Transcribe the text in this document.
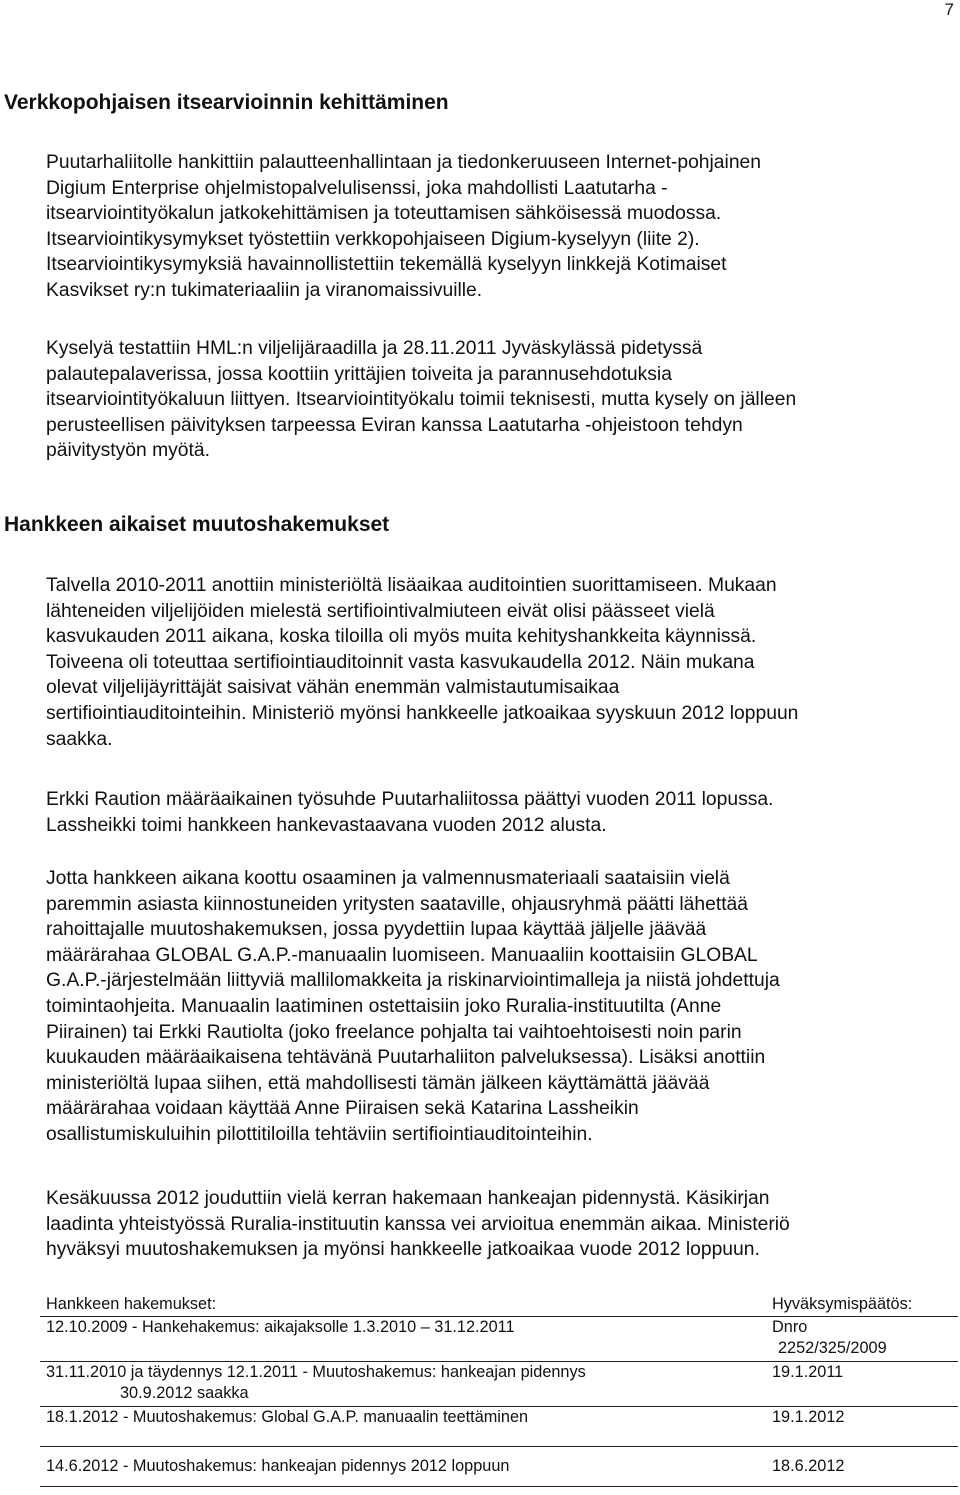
7
Verkkopohjaisen itsearvioinnin kehittäminen

Puutarhaliitolle hankittiin palautteenhallintaan ja tiedonkeruuseen Internet-pohjainen
Digium Enterprise ohjelmistopalvelulisenssi, joka mahdollisti Laatutarha -
itsearviointityökalun jatkokehittämisen ja toteuttamisen sähköisessä muodossa.
Itsearviointikysymykset työstettiin verkkopohjaiseen Digium-kyselyyn (liite 2).
Itsearviointikysymyksiä havainnollistettiin tekemällä kyselyyn linkkejä Kotimaiset
Kasvikset ry:n tukimateriaaliin ja viranomaissivuille.

Kyselyä testattiin HML:n viljelijäraadilla ja 28.11.2011 Jyväskylässä pidetyssä
palautepalaverissa, jossa koottiin yrittäjien toiveita ja parannusehdotuksia
itsearviointityökaluun liittyen. Itsearviointityökalu toimii teknisesti, mutta kysely on jälleen
perusteellisen päivityksen tarpeessa Eviran kanssa Laatutarha -ohjeistoon tehdyn
päivitystyön myötä.

Hankkeen aikaiset muutoshakemukset

Talvella 2010-2011 anottiin ministeriöltä lisäaikaa auditointien suorittamiseen. Mukaan
lähteneiden viljelijöiden mielestä sertifiointivalmiuteen eivät olisi päässeet vielä
kasvukauden 2011 aikana, koska tiloilla oli myös muita kehityshankkeita käynnissä.
Toiveena oli toteuttaa sertifiointiauditoinnit vasta kasvukaudella 2012. Näin mukana
olevat viljelijäyrittäjät saisivat vähän enemmän valmistautumisaikaa
sertifiointiauditointeihin. Ministeriö myönsi hankkeelle jatkoaikaa syyskuun 2012 loppuun
saakka.

Erkki Raution määräaikainen työsuhde Puutarhaliitossa päättyi vuoden 2011 lopussa.
Lassheikki toimi hankkeen hankevastaavana vuoden 2012 alusta.

Jotta hankkeen aikana koottu osaaminen ja valmennusmateriaali saataisiin vielä
paremmin asiasta kiinnostuneiden yritysten saataville, ohjausryhmä päätti lähettää
rahoittajalle muutoshakemuksen, jossa pyydettiin lupaa käyttää jäljelle jäävää
määrärahaa GLOBAL G.A.P.-manuaalin luomiseen. Manuaaliin koottaisiin GLOBAL
G.A.P.-järjestelmään liittyviä mallilomakkeita ja riskinarviointimalleja ja niistä johdettuja
toimintaohjeita. Manuaalin laatiminen ostettaisiin joko Ruralia-instituutilta (Anne
Piirainen) tai Erkki Rautiolta (joko freelance pohjalta tai vaihtoehtoisesti noin parin
kuukauden määräaikaisena tehtävänä Puutarhaliiton palveluksessa). Lisäksi anottiin
ministeriöltä lupaa siihen, että mahdollisesti tämän jälkeen käyttämättä jäävää
määrärahaa voidaan käyttää Anne Piiraisen sekä Katarina Lassheikin
osallistumiskuluihin pilottitiloilla tehtäviin sertifiointiauditointeihin.

Kesäkuussa 2012 jouduttiin vielä kerran hakemaan hankeajan pidennystä. Käsikirjan
laadinta yhteistyössä Ruralia-instituutin kanssa vei arvioitua enemmän aikaa. Ministeriö
hyväksyi muutoshakemuksen ja myönsi hankkeelle jatkoaikaa vuode 2012 loppuun.

Hankkeen hakemukset:	Hyväksymispäätös:
12.10.2009 - Hankehakemus: aikajaksolle 1.3.2010 – 31.12.2011	Dnro
2252/325/2009

31.11.2010 ja täydennys 12.1.2011 - Muutoshakemus: hankeajan pidennys
30.9.2012 saakka	19.1.2011
18.1.2012 - Muutoshakemus: Global G.A.P. manuaalin teettäminen	19.1.2012
14.6.2012 - Muutoshakemus: hankeajan pidennys 2012 loppuun	18.6.2012
